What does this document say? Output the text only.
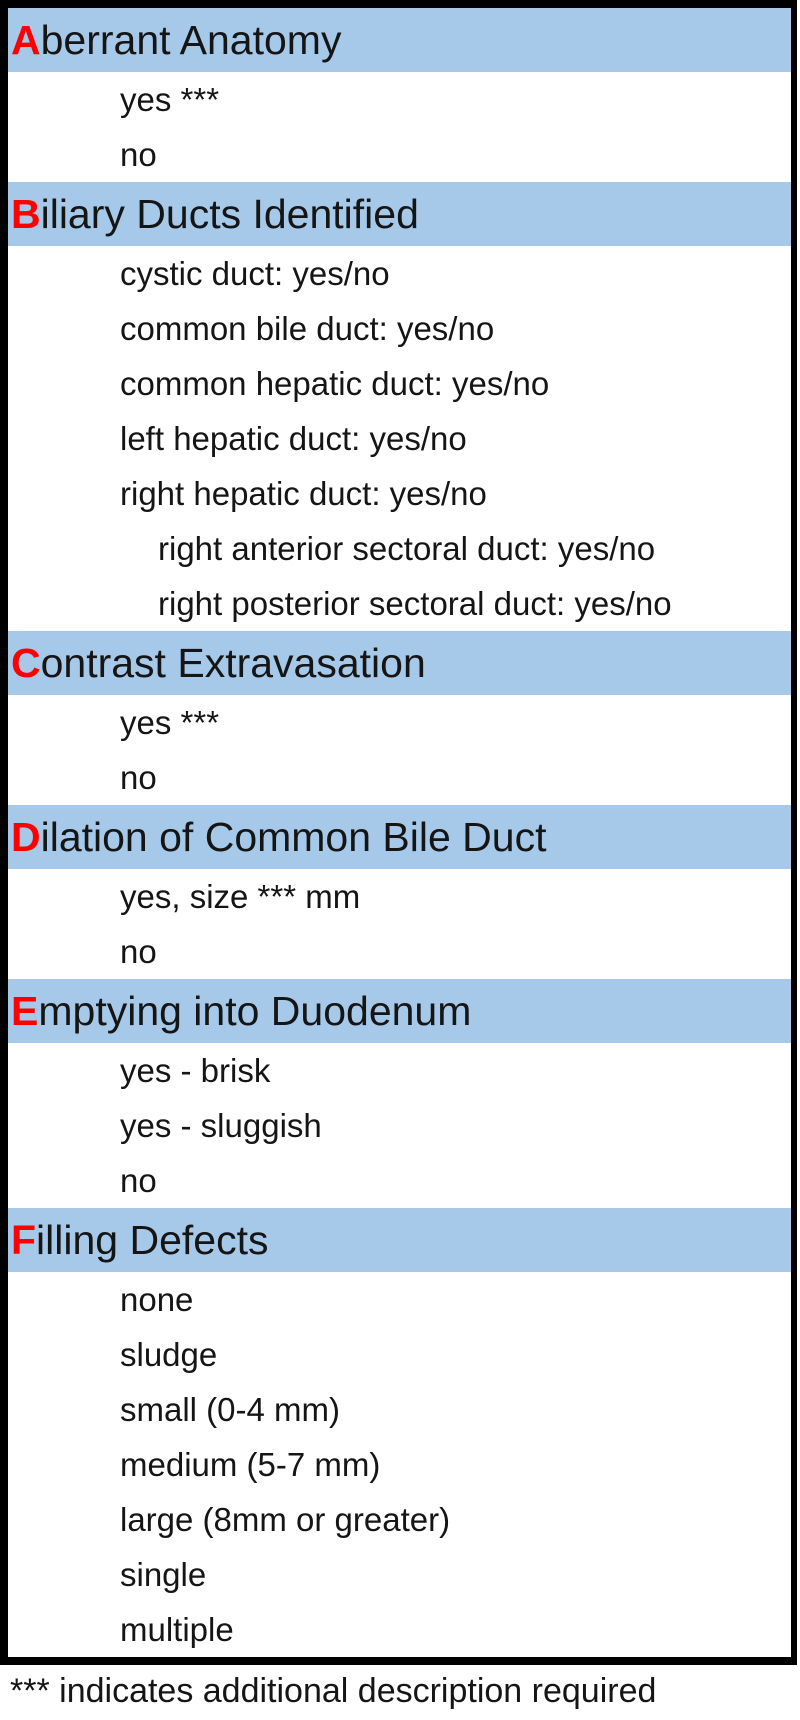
A berrant Anatomy
yes ***
no
B iliary Ducts Identified
cystic duct: yes/no
common bile duct: yes/no
common hepatic duct: yes/no
left hepatic duct: yes/no
right hepatic duct: yes/no
right anterior sectoral duct: yes/no
right posterior sectoral duct: yes/no
C ontrast Extravasation
yes ***
no
D ilation of Common Bile Duct
yes, size *** mm
no
E mptying into Duodenum
yes - brisk
yes - sluggish
no
F illing Defects
none
sludge
small (0-4 mm)
medium (5-7 mm)
large (8mm or greater)
single
multiple
*** indicates additional description required
